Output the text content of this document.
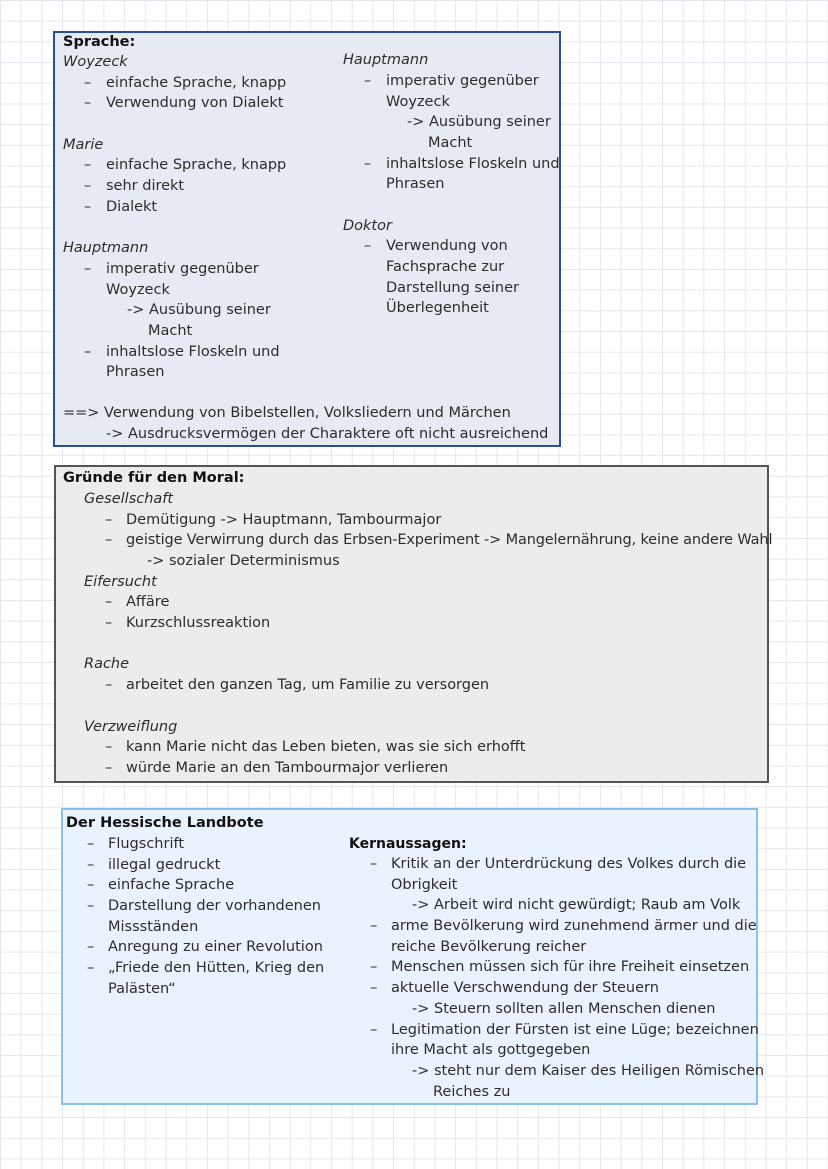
Sprache:
Woyzeck
– einfache Sprache, knapp
– Verwendung von Dialekt
Marie
– einfache Sprache, knapp
– sehr direkt
– Dialekt
Hauptmann
– imperativ gegenüber
Woyzeck
-> Ausübung seiner
Macht
– inhaltslose Floskeln und
Phrasen
Hauptmann
– imperativ gegenüber
Woyzeck
-> Ausübung seiner
Macht
– inhaltslose Floskeln und
Phrasen
Doktor
– Verwendung von
Fachsprache zur
Darstellung seiner
Überlegenheit
==> Verwendung von Bibelstellen, Volksliedern und Märchen
-> Ausdrucksvermögen der Charaktere oft nicht ausreichend
Gründe für den Moral:
Gesellschaft
– Demütigung -> Hauptmann, Tambourmajor
– geistige Verwirrung durch das Erbsen-Experiment -> Mangelernährung, keine andere Wahl
-> sozialer Determinismus
Eifersucht
– Affäre
– Kurzschlussreaktion
Rache
– arbeitet den ganzen Tag, um Familie zu versorgen
Verzweiflung
– kann Marie nicht das Leben bieten, was sie sich erhofft
– würde Marie an den Tambourmajor verlieren
Der Hessische Landbote
– Flugschrift
– illegal gedruckt
– einfache Sprache
– Darstellung der vorhandenen
Missständen
– Anregung zu einer Revolution
– „Friede den Hütten, Krieg den
Palästen“
Kernaussagen:
– Kritik an der Unterdrückung des Volkes durch die
Obrigkeit
-> Arbeit wird nicht gewürdigt; Raub am Volk
– arme Bevölkerung wird zunehmend ärmer und die
reiche Bevölkerung reicher
– Menschen müssen sich für ihre Freiheit einsetzen
– aktuelle Verschwendung der Steuern
-> Steuern sollten allen Menschen dienen
– Legitimation der Fürsten ist eine Lüge; bezeichnen
ihre Macht als gottgegeben
-> steht nur dem Kaiser des Heiligen Römischen
Reiches zu
